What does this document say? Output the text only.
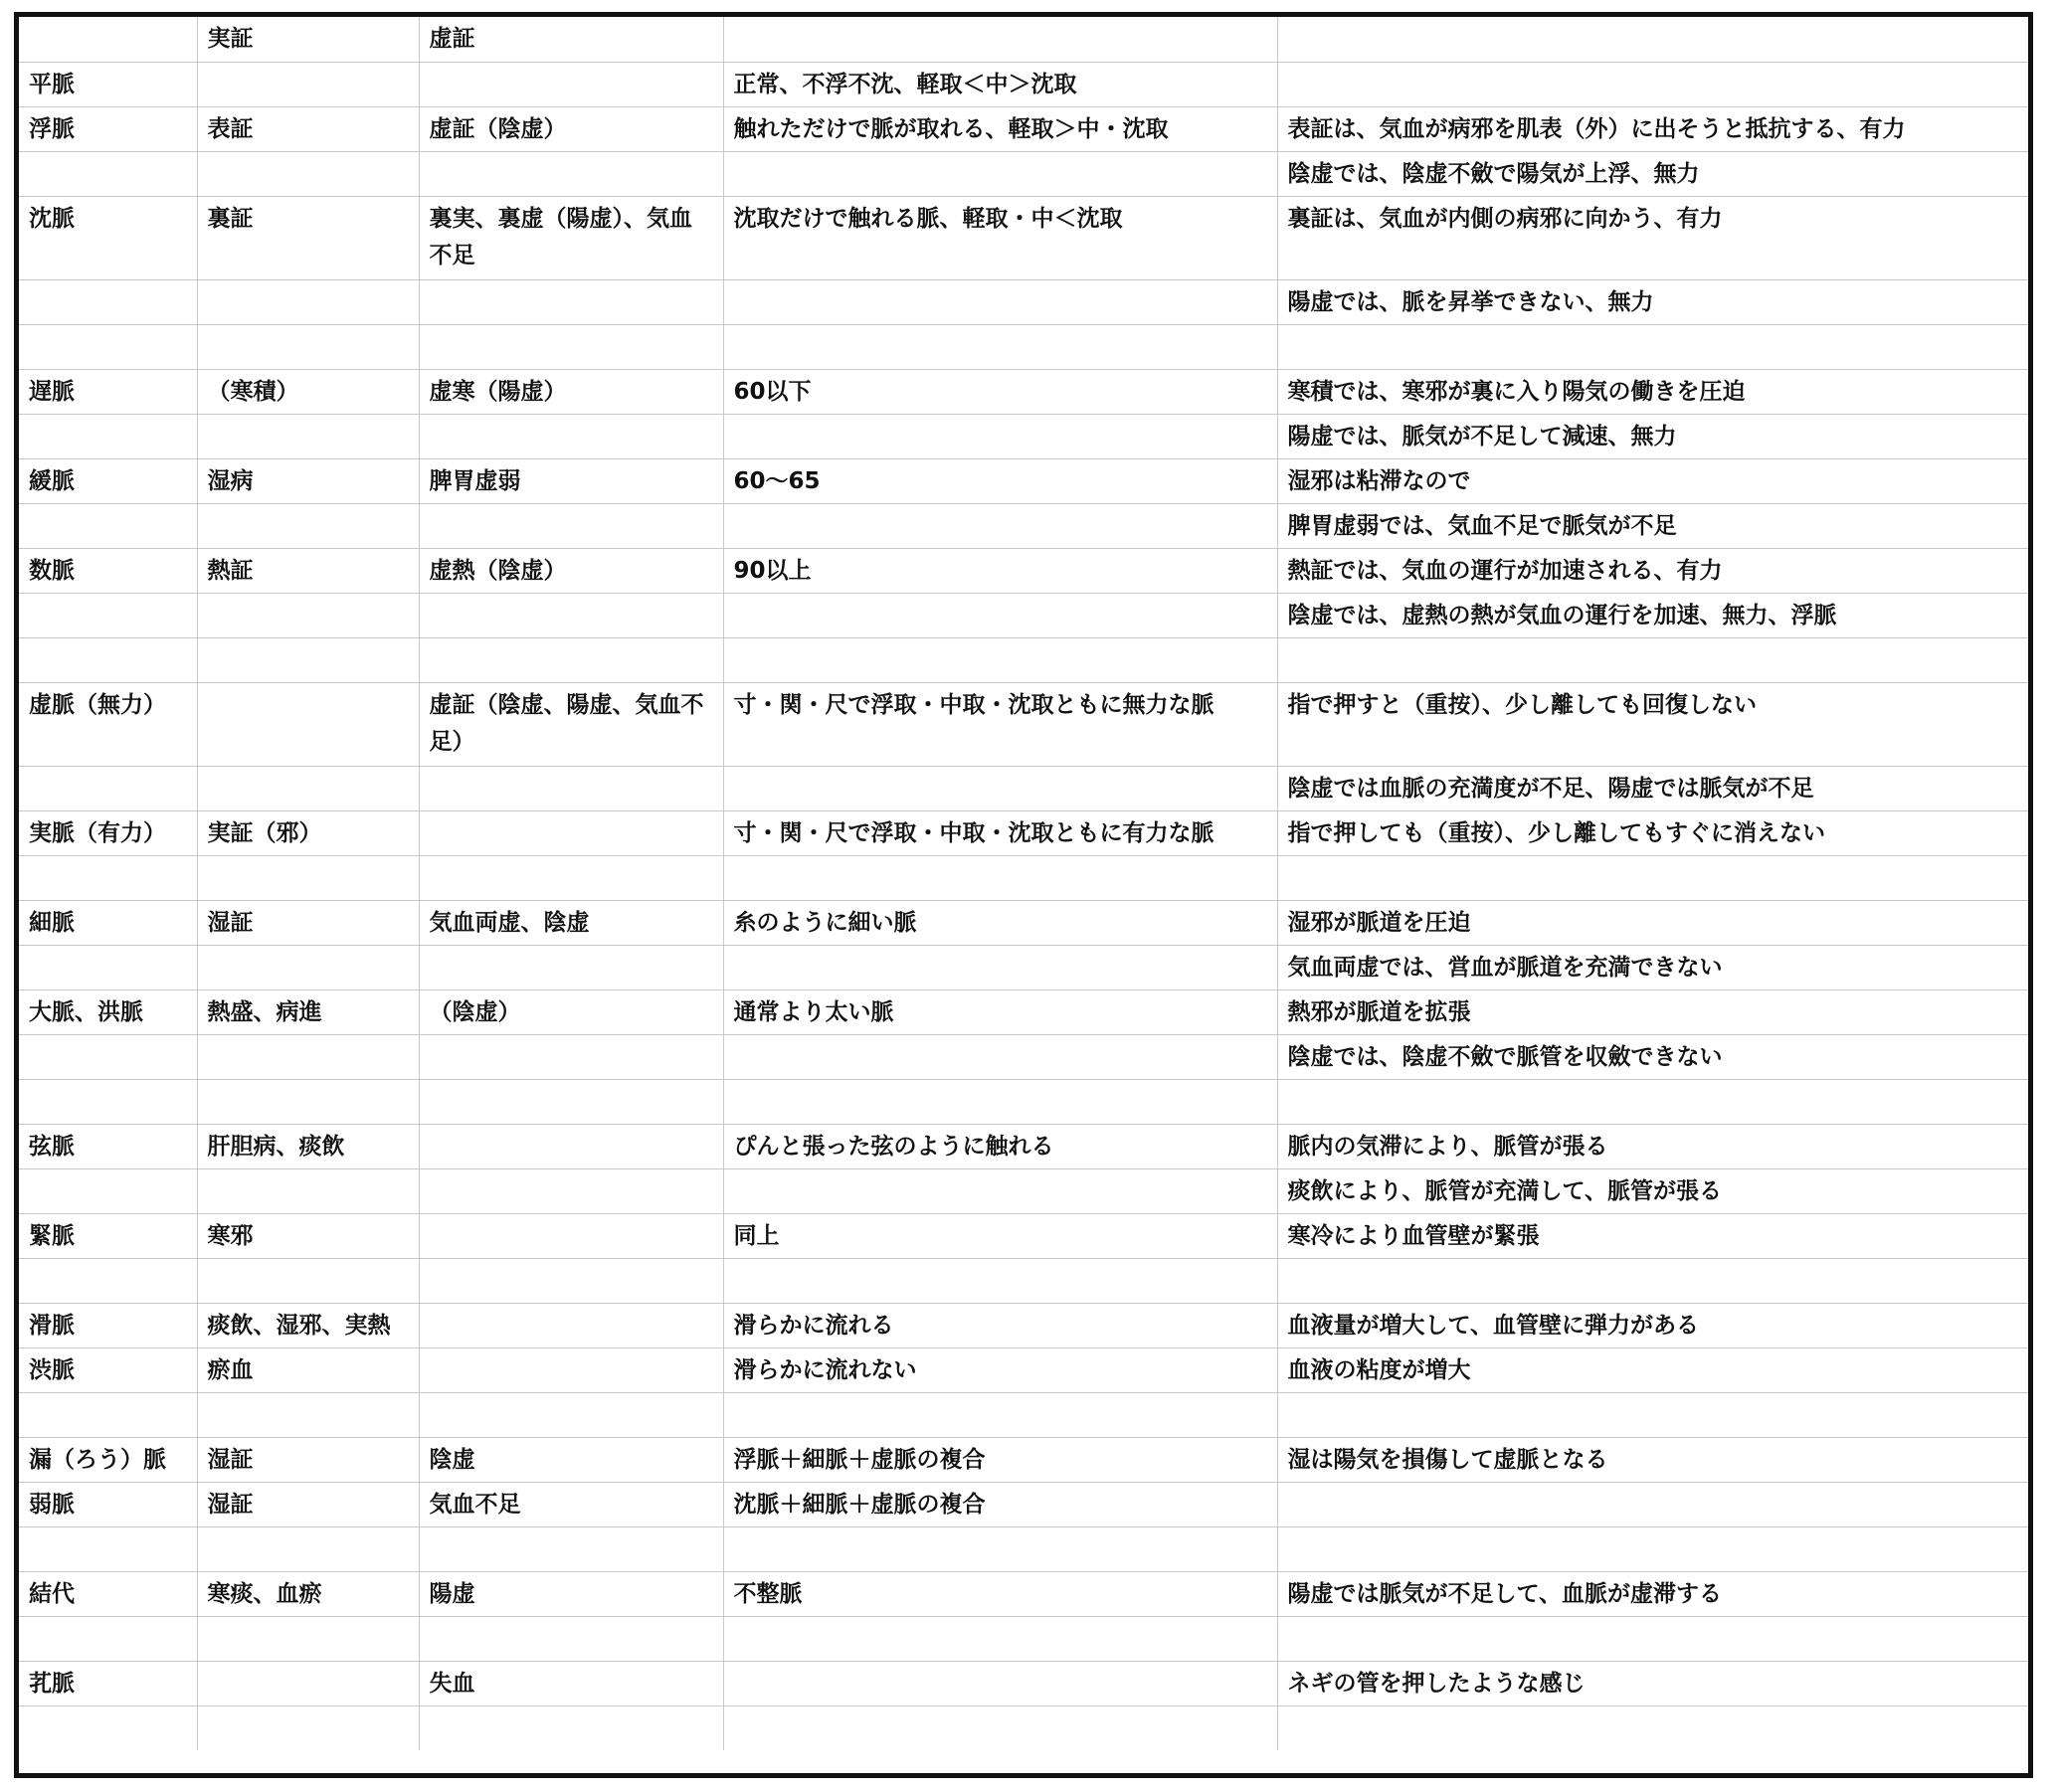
	実証	虚証		
平脈			正常、不浮不沈、軽取＜中＞沈取	
浮脈	表証	虚証（陰虚）	触れただけで脈が取れる、軽取＞中・沈取	表証は、気血が病邪を肌表（外）に出そうと抵抗する、有力
				陰虚では、陰虚不斂で陽気が上浮、無力
沈脈	裏証	裏実、裏虚（陽虚）、気血不足	沈取だけで触れる脈、軽取・中＜沈取	裏証は、気血が内側の病邪に向かう、有力
				陽虚では、脈を昇挙できない、無力

遅脈	（寒積）	虚寒（陽虚）	60以下	寒積では、寒邪が裏に入り陽気の働きを圧迫
				陽虚では、脈気が不足して減速、無力
緩脈	湿病	脾胃虚弱	60〜65	湿邪は粘滞なので
				脾胃虚弱では、気血不足で脈気が不足
数脈	熱証	虚熱（陰虚）	90以上	熱証では、気血の運行が加速される、有力
				陰虚では、虚熱の熱が気血の運行を加速、無力、浮脈

虚脈（無力）		虚証（陰虚、陽虚、気血不足）	寸・関・尺で浮取・中取・沈取ともに無力な脈	指で押すと（重按）、少し離しても回復しない
				陰虚では血脈の充満度が不足、陽虚では脈気が不足
実脈（有力）	実証（邪）		寸・関・尺で浮取・中取・沈取ともに有力な脈	指で押しても（重按）、少し離してもすぐに消えない

細脈	湿証	気血両虚、陰虚	糸のように細い脈	湿邪が脈道を圧迫
				気血両虚では、営血が脈道を充満できない
大脈、洪脈	熱盛、病進	（陰虚）	通常より太い脈	熱邪が脈道を拡張
				陰虚では、陰虚不斂で脈管を収斂できない

弦脈	肝胆病、痰飲		ぴんと張った弦のように触れる	脈内の気滞により、脈管が張る
				痰飲により、脈管が充満して、脈管が張る
緊脈	寒邪		同上	寒冷により血管壁が緊張

滑脈	痰飲、湿邪、実熱		滑らかに流れる	血液量が増大して、血管壁に弾力がある
渋脈	瘀血		滑らかに流れない	血液の粘度が増大

漏（ろう）脈	湿証	陰虚	浮脈＋細脈＋虚脈の複合	湿は陽気を損傷して虚脈となる
弱脈	湿証	気血不足	沈脈＋細脈＋虚脈の複合	

結代	寒痰、血瘀	陽虚	不整脈	陽虚では脈気が不足して、血脈が虚滞する

芤脈		失血		ネギの管を押したような感じ
